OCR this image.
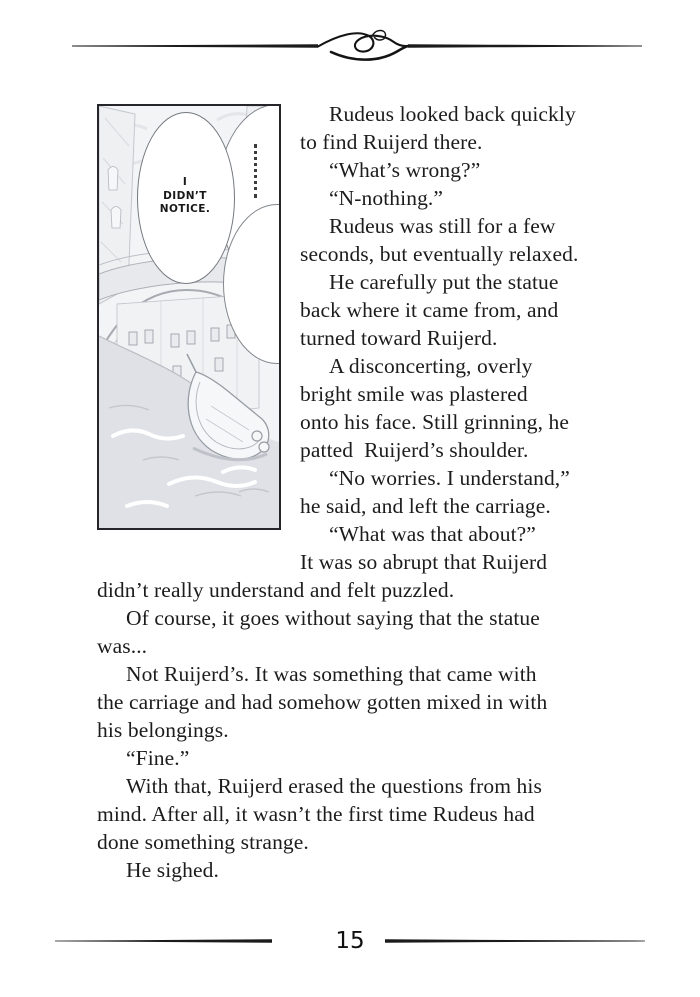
I
DIDN’T
NOTICE.
Rudeus looked back quickly
to find Ruijerd there.
“What’s wrong?”
“N-nothing.”
Rudeus was still for a few
seconds, but eventually relaxed.
He carefully put the statue
back where it came from, and
turned toward Ruijerd.
A disconcerting, overly
bright smile was plastered
onto his face. Still grinning, he
patted  Ruijerd’s shoulder.
“No worries. I understand,”
he said, and left the carriage.
“What was that about?”
It was so abrupt that Ruijerd
didn’t really understand and felt puzzled.
Of course, it goes without saying that the statue
was...
Not Ruijerd’s. It was something that came with
the carriage and had somehow gotten mixed in with
his belongings.
“Fine.”
With that, Ruijerd erased the questions from his
mind. After all, it wasn’t the first time Rudeus had
done something strange.
He sighed.
15
